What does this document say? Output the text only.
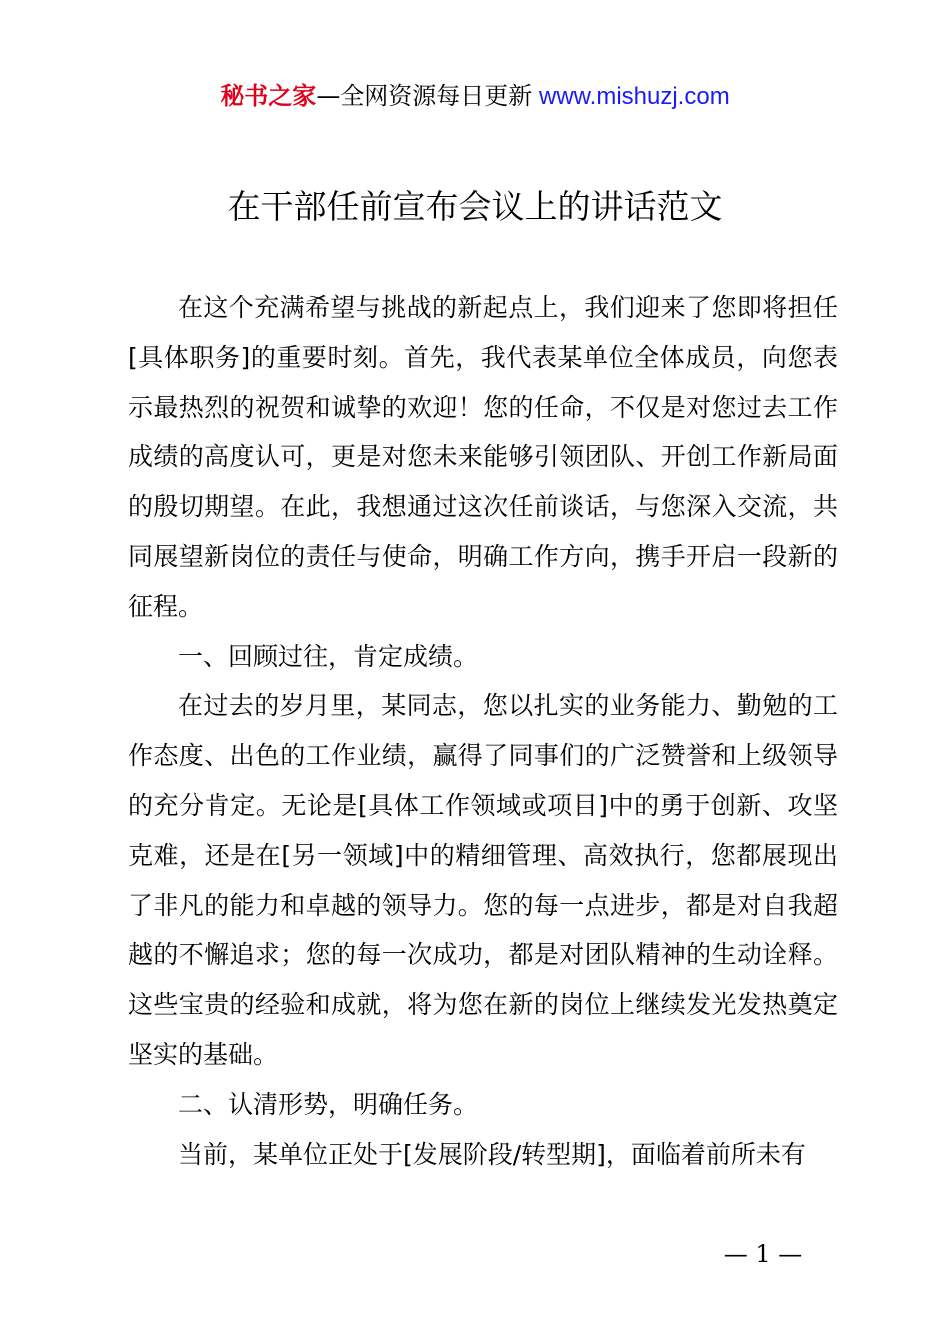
秘书之家—全网资源每日更新 www.mishuzj.com
在干部任前宣布会议上的讲话范文

在这个充满希望与挑战的新起点上，我们迎来了您即将担任[具体职务]的重要时刻。首先，我代表某单位全体成员，向您表示最热烈的祝贺和诚挚的欢迎！您的任命，不仅是对您过去工作成绩的高度认可，更是对您未来能够引领团队、开创工作新局面的殷切期望。在此，我想通过这次任前谈话，与您深入交流，共同展望新岗位的责任与使命，明确工作方向，携手开启一段新的征程。

一、回顾过往，肯定成绩。

在过去的岁月里，某同志，您以扎实的业务能力、勤勉的工作态度、出色的工作业绩，赢得了同事们的广泛赞誉和上级领导的充分肯定。无论是[具体工作领域或项目]中的勇于创新、攻坚克难，还是在[另一领域]中的精细管理、高效执行，您都展现出了非凡的能力和卓越的领导力。您的每一点进步，都是对自我超越的不懈追求；您的每一次成功，都是对团队精神的生动诠释。这些宝贵的经验和成就，将为您在新的岗位上继续发光发热奠定坚实的基础。

二、认清形势，明确任务。

当前，某单位正处于[发展阶段/转型期]，面临着前所未有

— 1 —
